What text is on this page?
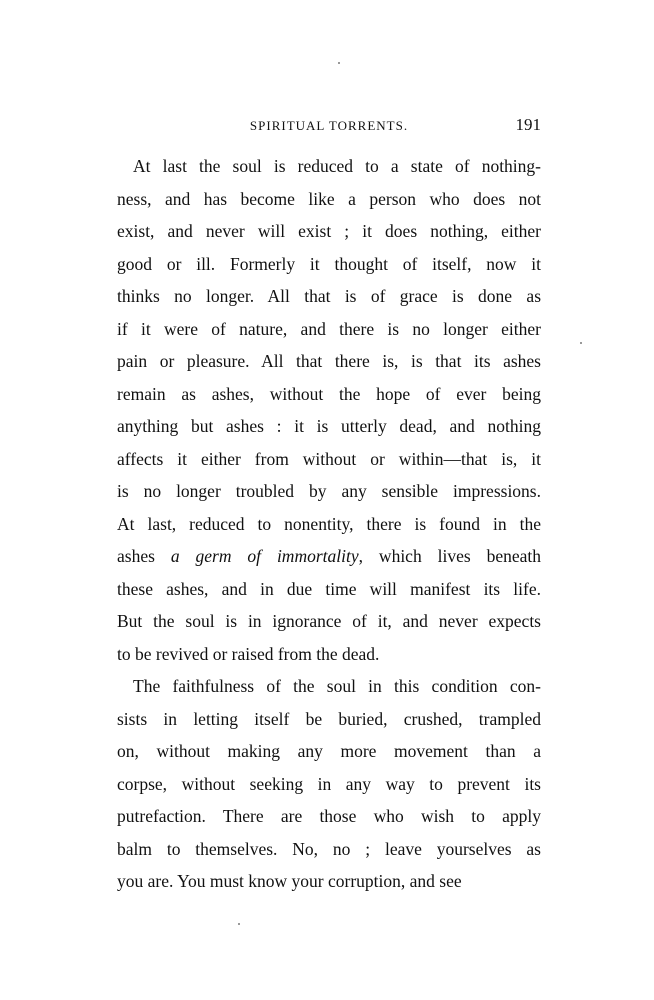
SPIRITUAL TORRENTS.	191
At last the soul is reduced to a state of nothing-
ness, and has become like a person who does not
exist, and never will exist ; it does nothing, either
good or ill. Formerly it thought of itself, now it
thinks no longer. All that is of grace is done as
if it were of nature, and there is no longer either
pain or pleasure. All that there is, is that its ashes
remain as ashes, without the hope of ever being
anything but ashes : it is utterly dead, and nothing
affects it either from without or within—that is, it
is no longer troubled by any sensible impressions.
At last, reduced to nonentity, there is found in the
ashes a germ of immortality, which lives beneath
these ashes, and in due time will manifest its life.
But the soul is in ignorance of it, and never expects
to be revived or raised from the dead.
The faithfulness of the soul in this condition con-
sists in letting itself be buried, crushed, trampled
on, without making any more movement than a
corpse, without seeking in any way to prevent its
putrefaction. There are those who wish to apply
balm to themselves. No, no ; leave yourselves as
you are. You must know your corruption, and see
